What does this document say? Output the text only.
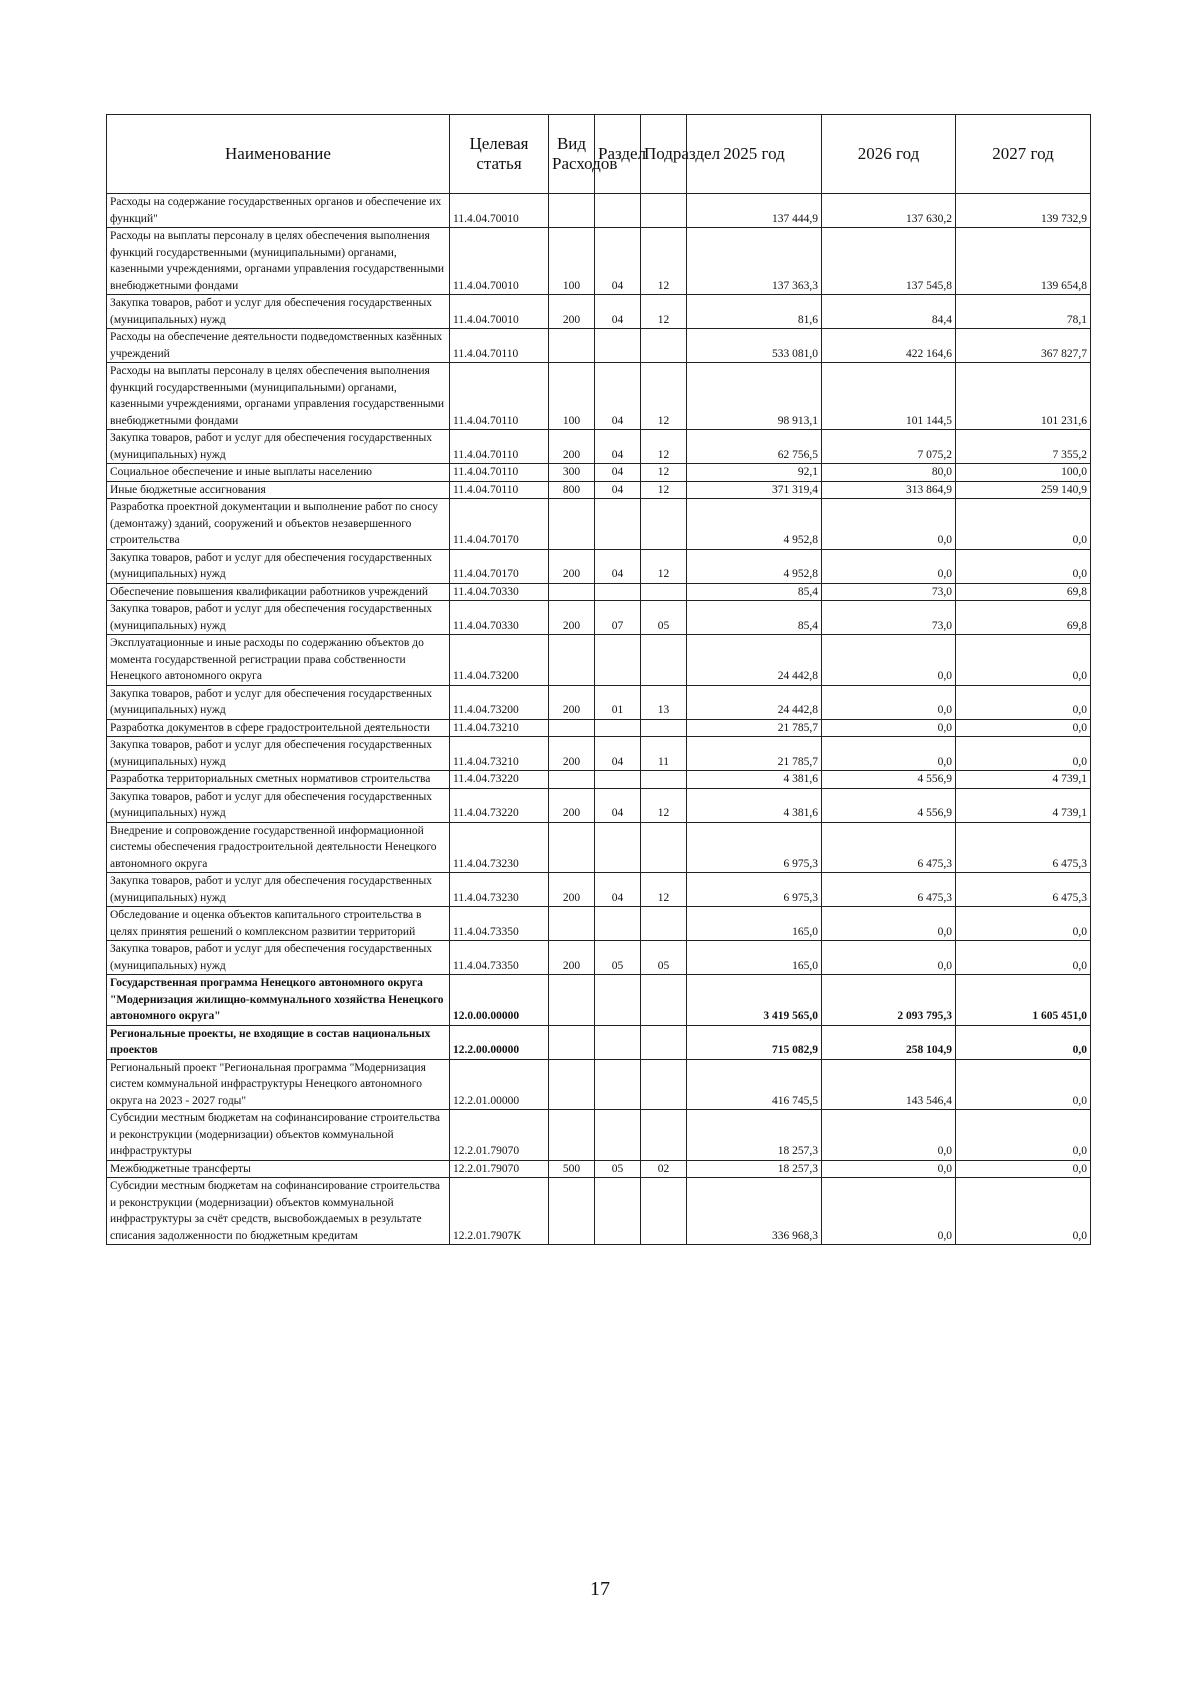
Наименование	Целевая статья	Вид Расходов	Раздел	Подраздел	2025 год	2026 год	2027 год
Расходы на содержание государственных органов и обеспечение их функций"	11.4.04.70010				137 444,9	137 630,2	139 732,9
Расходы на выплаты персоналу в целях обеспечения выполнения функций государственными (муниципальными) органами, казенными учреждениями, органами управления государственными внебюджетными фондами	11.4.04.70010	100	04	12	137 363,3	137 545,8	139 654,8
Закупка товаров, работ и услуг для обеспечения государственных (муниципальных) нужд	11.4.04.70010	200	04	12	81,6	84,4	78,1
Расходы на обеспечение деятельности подведомственных казённых учреждений	11.4.04.70110				533 081,0	422 164,6	367 827,7
Расходы на выплаты персоналу в целях обеспечения выполнения функций государственными (муниципальными) органами, казенными учреждениями, органами управления государственными внебюджетными фондами	11.4.04.70110	100	04	12	98 913,1	101 144,5	101 231,6
Закупка товаров, работ и услуг для обеспечения государственных (муниципальных) нужд	11.4.04.70110	200	04	12	62 756,5	7 075,2	7 355,2
Социальное обеспечение и иные выплаты населению	11.4.04.70110	300	04	12	92,1	80,0	100,0
Иные бюджетные ассигнования	11.4.04.70110	800	04	12	371 319,4	313 864,9	259 140,9
Разработка проектной документации и выполнение работ по сносу (демонтажу) зданий, сооружений и объектов незавершенного строительства	11.4.04.70170				4 952,8	0,0	0,0
Закупка товаров, работ и услуг для обеспечения государственных (муниципальных) нужд	11.4.04.70170	200	04	12	4 952,8	0,0	0,0
Обеспечение повышения квалификации работников учреждений	11.4.04.70330				85,4	73,0	69,8
Закупка товаров, работ и услуг для обеспечения государственных (муниципальных) нужд	11.4.04.70330	200	07	05	85,4	73,0	69,8
Эксплуатационные и иные расходы по содержанию объектов до момента государственной регистрации права собственности Ненецкого автономного округа	11.4.04.73200				24 442,8	0,0	0,0
Закупка товаров, работ и услуг для обеспечения государственных (муниципальных) нужд	11.4.04.73200	200	01	13	24 442,8	0,0	0,0
Разработка документов в сфере градостроительной деятельности	11.4.04.73210				21 785,7	0,0	0,0
Закупка товаров, работ и услуг для обеспечения государственных (муниципальных) нужд	11.4.04.73210	200	04	11	21 785,7	0,0	0,0
Разработка территориальных сметных нормативов строительства	11.4.04.73220				4 381,6	4 556,9	4 739,1
Закупка товаров, работ и услуг для обеспечения государственных (муниципальных) нужд	11.4.04.73220	200	04	12	4 381,6	4 556,9	4 739,1
Внедрение и сопровождение государственной информационной системы обеспечения градостроительной деятельности Ненецкого автономного округа	11.4.04.73230				6 975,3	6 475,3	6 475,3
Закупка товаров, работ и услуг для обеспечения государственных (муниципальных) нужд	11.4.04.73230	200	04	12	6 975,3	6 475,3	6 475,3
Обследование и оценка объектов капитального строительства в целях принятия решений о комплексном развитии территорий	11.4.04.73350				165,0	0,0	0,0
Закупка товаров, работ и услуг для обеспечения государственных (муниципальных) нужд	11.4.04.73350	200	05	05	165,0	0,0	0,0
Государственная программа Ненецкого автономного округа "Модернизация жилищно-коммунального хозяйства Ненецкого автономного округа"	12.0.00.00000				3 419 565,0	2 093 795,3	1 605 451,0
Региональные проекты, не входящие в состав национальных проектов	12.2.00.00000				715 082,9	258 104,9	0,0
Региональный проект "Региональная программа "Модернизация систем коммунальной инфраструктуры Ненецкого автономного округа на 2023 - 2027 годы"	12.2.01.00000				416 745,5	143 546,4	0,0
Субсидии местным бюджетам на софинансирование строительства и реконструкции (модернизации) объектов коммунальной инфраструктуры	12.2.01.79070				18 257,3	0,0	0,0
Межбюджетные трансферты	12.2.01.79070	500	05	02	18 257,3	0,0	0,0
Субсидии местным бюджетам на софинансирование строительства и реконструкции (модернизации) объектов коммунальной инфраструктуры за счёт средств, высвобождаемых в результате списания задолженности по бюджетным кредитам	12.2.01.7907К				336 968,3	0,0	0,0
17
